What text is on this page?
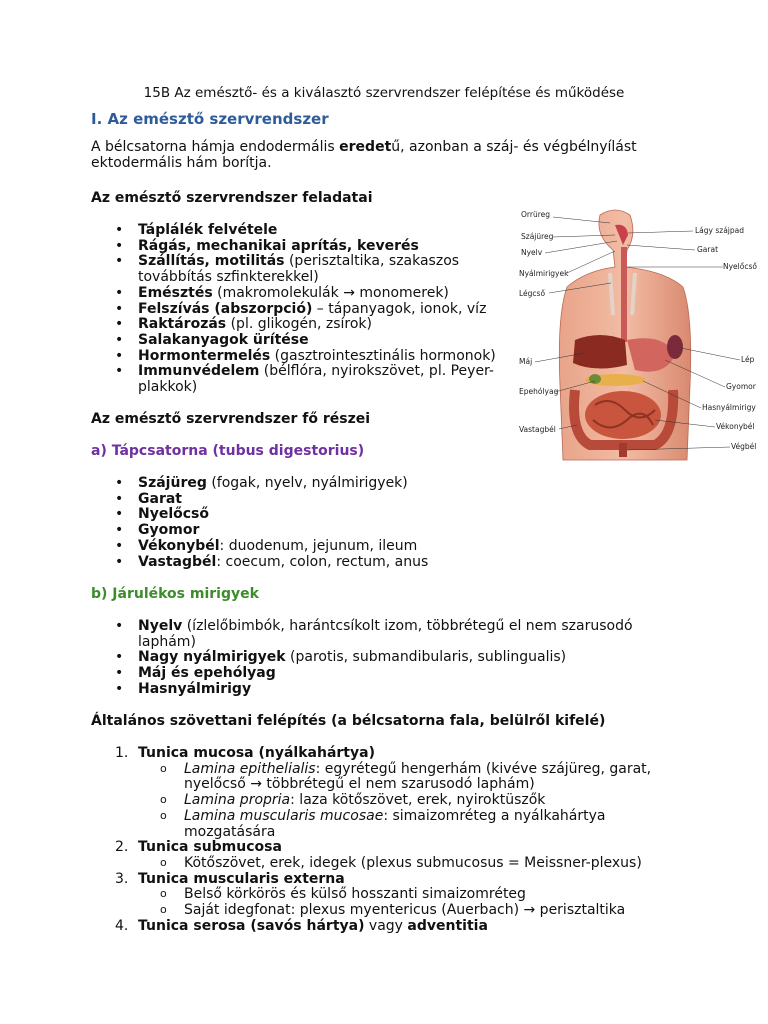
15B Az emésztő- és a kiválasztó szervrendszer felépítése és működése
I. Az emésztő szervrendszer
A bélcsatorna hámja endodermális eredetű, azonban a száj- és végbélnyílást ektodermális hám borítja.
Az emésztő szervrendszer feladatai
• Táplálék felvétele
• Rágás, mechanikai aprítás, keverés
• Szállítás, motilitás (perisztaltika, szakaszos továbbítás szfinkterekkel)
• Emésztés (makromolekulák → monomerek)
• Felszívás (abszorpció) – tápanyagok, ionok, víz
• Raktározás (pl. glikogén, zsírok)
• Salakanyagok ürítése
• Hormontermelés (gasztrointesztinális hormonok)
• Immunvédelem (bélflóra, nyirokszövet, pl. Peyer-plakkok)
Az emésztő szervrendszer fő részei
a) Tápcsatorna (tubus digestorius)
• Szájüreg (fogak, nyelv, nyálmirigyek)
• Garat
• Nyelőcső
• Gyomor
• Vékonybél: duodenum, jejunum, ileum
• Vastagbél: coecum, colon, rectum, anus
b) Járulékos mirigyek
• Nyelv (ízlelőbimbók, harántcsíkolt izom, többrétegű el nem szarusodó laphám)
• Nagy nyálmirigyek (parotis, submandibularis, sublingualis)
• Máj és epehólyag
• Hasnyálmirigy
Általános szövettani felépítés (a bélcsatorna fala, belülről kifelé)
1. Tunica mucosa (nyálkahártya)
o Lamina epithelialis: egyrétegű hengerhám (kivéve szájüreg, garat, nyelőcső → többrétegű el nem szarusodó laphám)
o Lamina propria: laza kötőszövet, erek, nyiroktüszők
o Lamina muscularis mucosae: simaizomréteg a nyálkahártya mozgatására
2. Tunica submucosa
o Kötőszövet, erek, idegek (plexus submucosus = Meissner-plexus)
3. Tunica muscularis externa
o Belső körkörös és külső hosszanti simaizomréteg
o Saját idegfonat: plexus myentericus (Auerbach) → perisztaltika
4. Tunica serosa (savós hártya) vagy adventitia
Orrüreg
Szájüreg
Nyelv
Nyálmirigyek
Légcső
Máj
Epehólyag
Vastagbél
Lágy szájpad
Garat
Nyelőcső
Lép
Gyomor
Hasnyálmirigy
Vékonybél
Végbél
